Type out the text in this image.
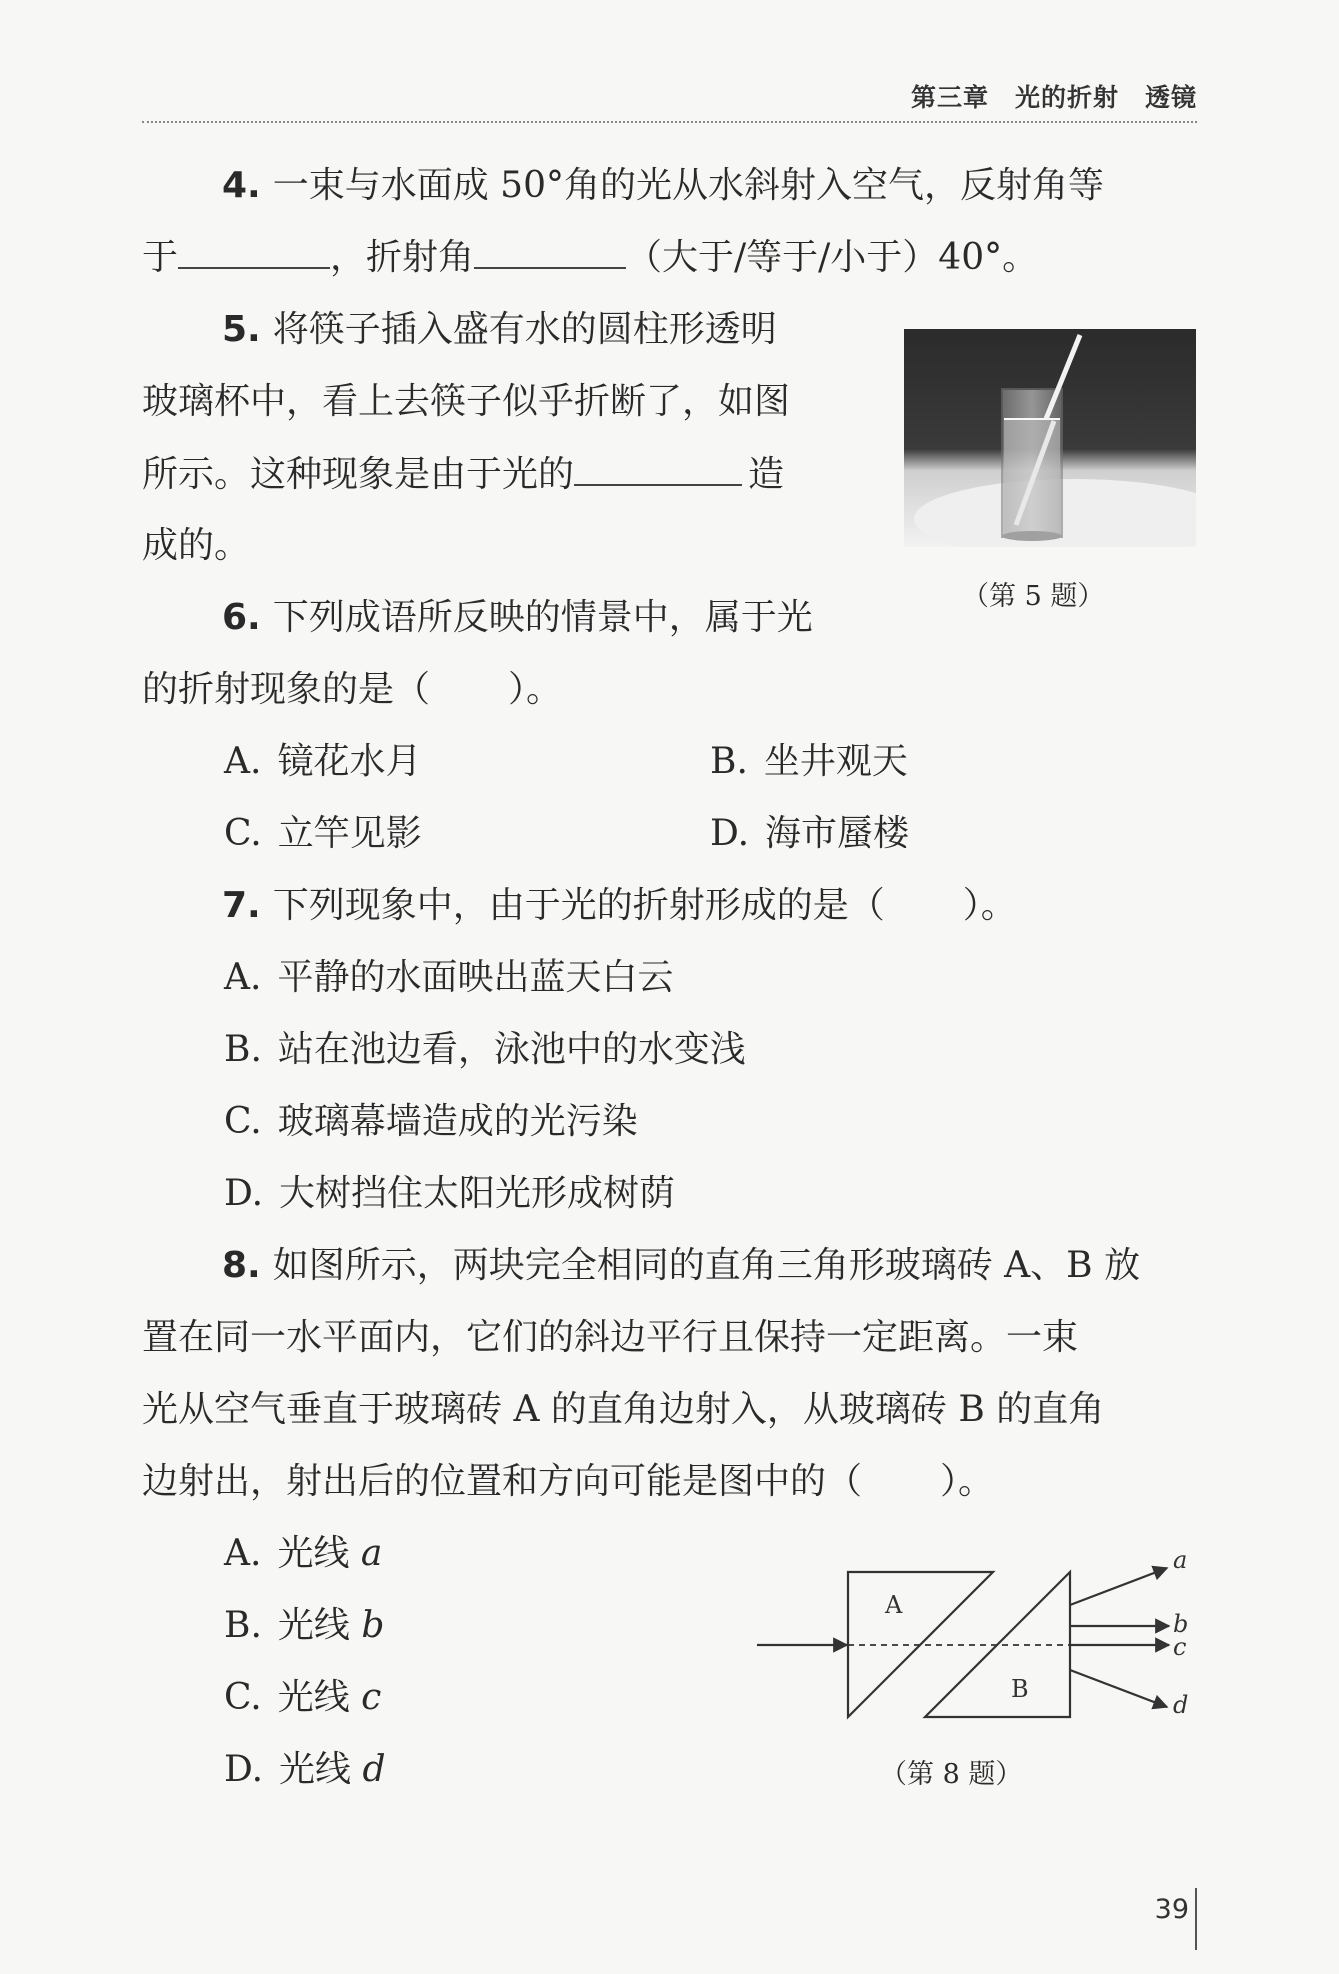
第三章　光的折射　透镜
4. 一束与水面成 50°角的光从水斜射入空气，反射角等
于	，折射角	（大于/等于/小于）40°。
5. 将筷子插入盛有水的圆柱形透明
玻璃杯中，看上去筷子似乎折断了，如图
所示。这种现象是由于光的	造
成的。
（第 5 题）
6. 下列成语所反映的情景中，属于光
的折射现象的是（ ）。
A. 镜花水月	B. 坐井观天
C. 立竿见影	D. 海市蜃楼
7. 下列现象中，由于光的折射形成的是（ ）。
A. 平静的水面映出蓝天白云
B. 站在池边看，泳池中的水变浅
C. 玻璃幕墙造成的光污染
D. 大树挡住太阳光形成树荫
8. 如图所示，两块完全相同的直角三角形玻璃砖 A、B 放
置在同一水平面内，它们的斜边平行且保持一定距离。一束
光从空气垂直于玻璃砖 A 的直角边射入，从玻璃砖 B 的直角
边射出，射出后的位置和方向可能是图中的（ ）。
A. 光线 a
B. 光线 b
C. 光线 c
D. 光线 d
A
B
a
b
c
d
（第 8 题）
39
